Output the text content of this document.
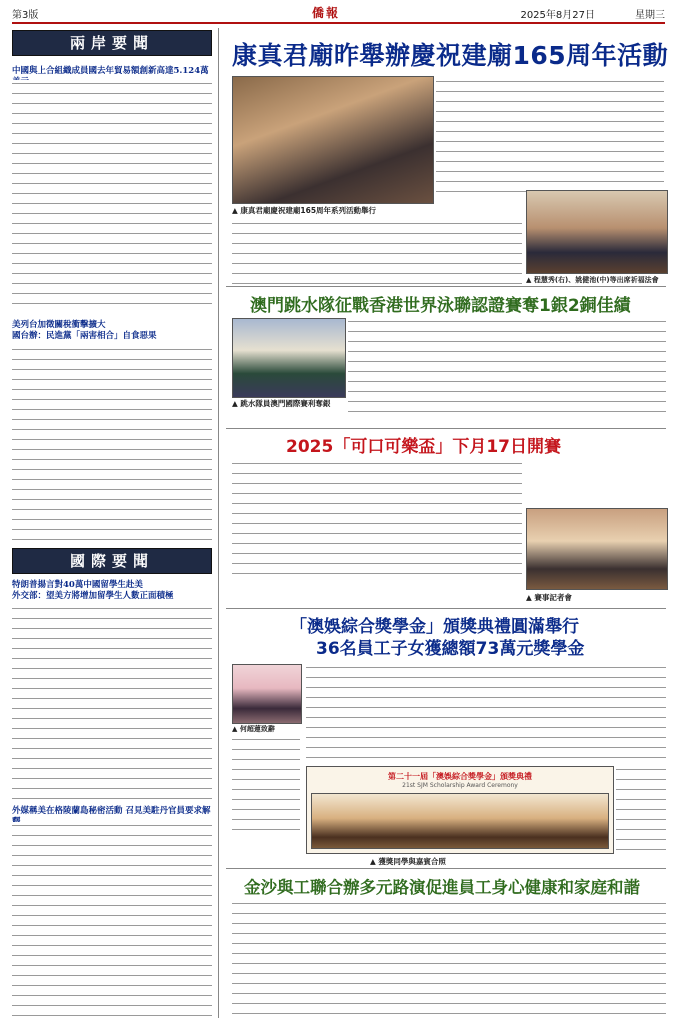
第3版	僑報	2025年8月27日	星期三
兩岸要聞
中國與上合組織成員國去年貿易額創新高達5.124萬
美列台加徵關稅衝擊擴大
國台辦：民進黨「兩害相合」自食惡果
國際要聞
特朗普揚言對40萬中國留學生赴美
外交部：望美方將增加留學生人數正面積極
外媒稱美在格陵蘭島秘密活動 召見美駐丹官員要求解
康真君廟昨舉辦慶祝建廟165周年活動
▲ 康真君廟慶祝建廟165周年系列活動舉行
▲ 程慧秀(右)、姚健池(中)等出席祈福法會
澳門跳水隊征戰香港世界泳聯認證賽奪1銀2銅佳績
▲ 跳水隊員澳門國際賽利奪銀
2025「可口可樂盃」下月17日開賽
▲ 賽事記者會
「澳娛綜合獎學金」頒獎典禮圓滿舉行
36名員工子女獲總額73萬元獎學金
▲ 何超蓮致辭
第二十一屆「澳娛綜合獎學金」頒獎典禮
21st SJM Scholarship Award Ceremony
▲ 獲獎同學與嘉賓合照
金沙與工聯合辦多元路演促進員工身心健康和家庭和諧
